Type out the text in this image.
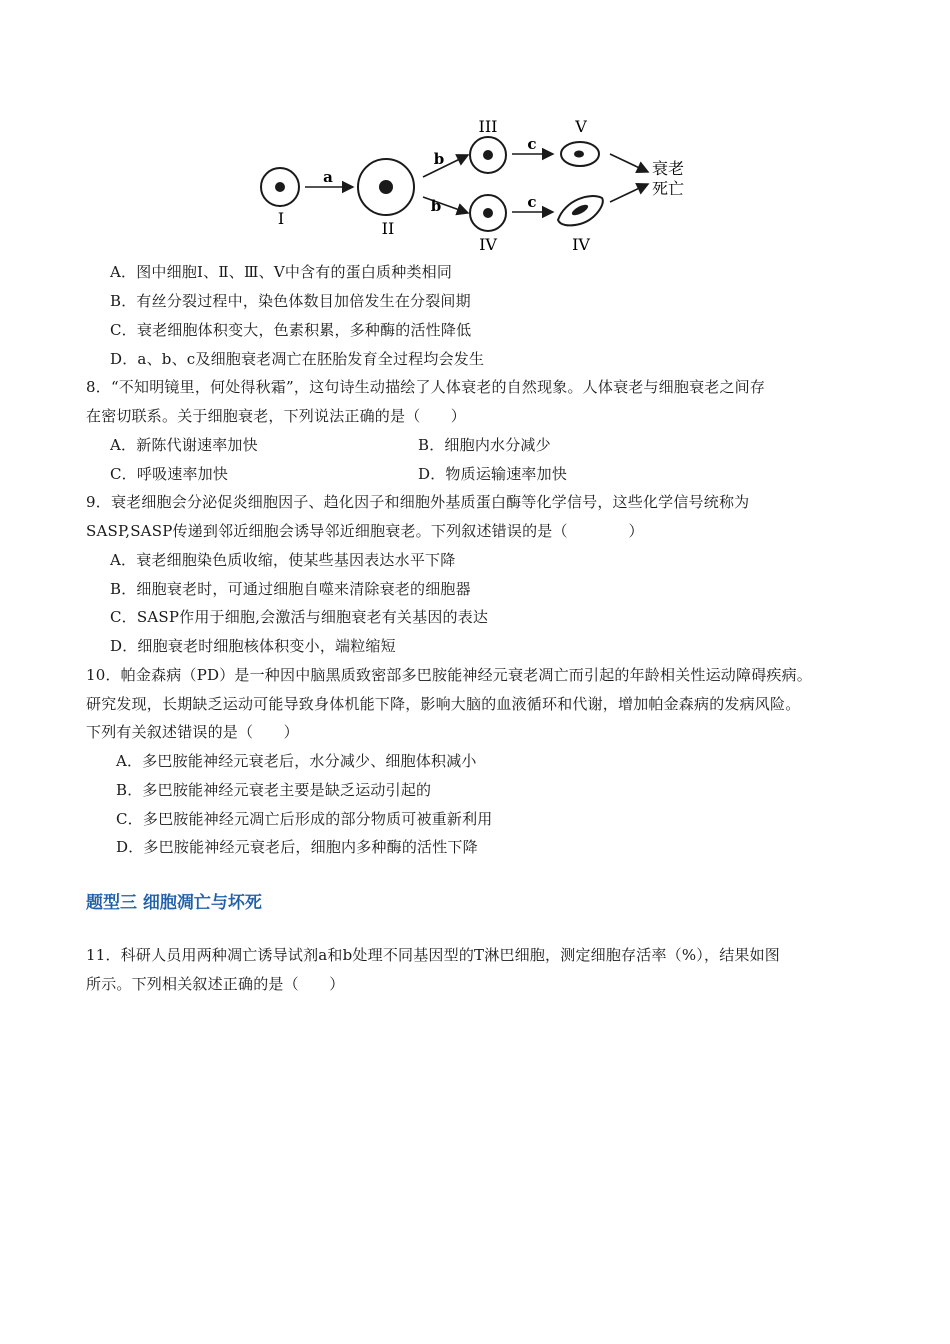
I
a
II
b
b
III
IV
c
c
V
IV
衰老
死亡
A．图中细胞Ⅰ、Ⅱ、Ⅲ、Ⅴ中含有的蛋白质种类相同
B．有丝分裂过程中，染色体数目加倍发生在分裂间期
C．衰老细胞体积变大，色素积累，多种酶的活性降低
D．a、b、c及细胞衰老凋亡在胚胎发育全过程均会发生
8．“不知明镜里，何处得秋霜”，这句诗生动描绘了人体衰老的自然现象。人体衰老与细胞衰老之间存
在密切联系。关于细胞衰老，下列说法正确的是（　　）
A．新陈代谢速率加快	B．细胞内水分减少
C．呼吸速率加快	D．物质运输速率加快
9．衰老细胞会分泌促炎细胞因子、趋化因子和细胞外基质蛋白酶等化学信号，这些化学信号统称为
SASP,SASP传递到邻近细胞会诱导邻近细胞衰老。下列叙述错误的是（　　　　）
A．衰老细胞染色质收缩，使某些基因表达水平下降
B．细胞衰老时，可通过细胞自噬来清除衰老的细胞器
C．SASP作用于细胞,会激活与细胞衰老有关基因的表达
D．细胞衰老时细胞核体积变小，端粒缩短
10．帕金森病（PD）是一种因中脑黑质致密部多巴胺能神经元衰老凋亡而引起的年龄相关性运动障碍疾病。
研究发现，长期缺乏运动可能导致身体机能下降，影响大脑的血液循环和代谢，增加帕金森病的发病风险。
下列有关叙述错误的是（　　）
A．多巴胺能神经元衰老后，水分减少、细胞体积减小
B．多巴胺能神经元衰老主要是缺乏运动引起的
C．多巴胺能神经元凋亡后形成的部分物质可被重新利用
D．多巴胺能神经元衰老后，细胞内多种酶的活性下降
题型三 细胞凋亡与坏死
11．科研人员用两种凋亡诱导试剂a和b处理不同基因型的T淋巴细胞，测定细胞存活率（%），结果如图
所示。下列相关叙述正确的是（　　）
